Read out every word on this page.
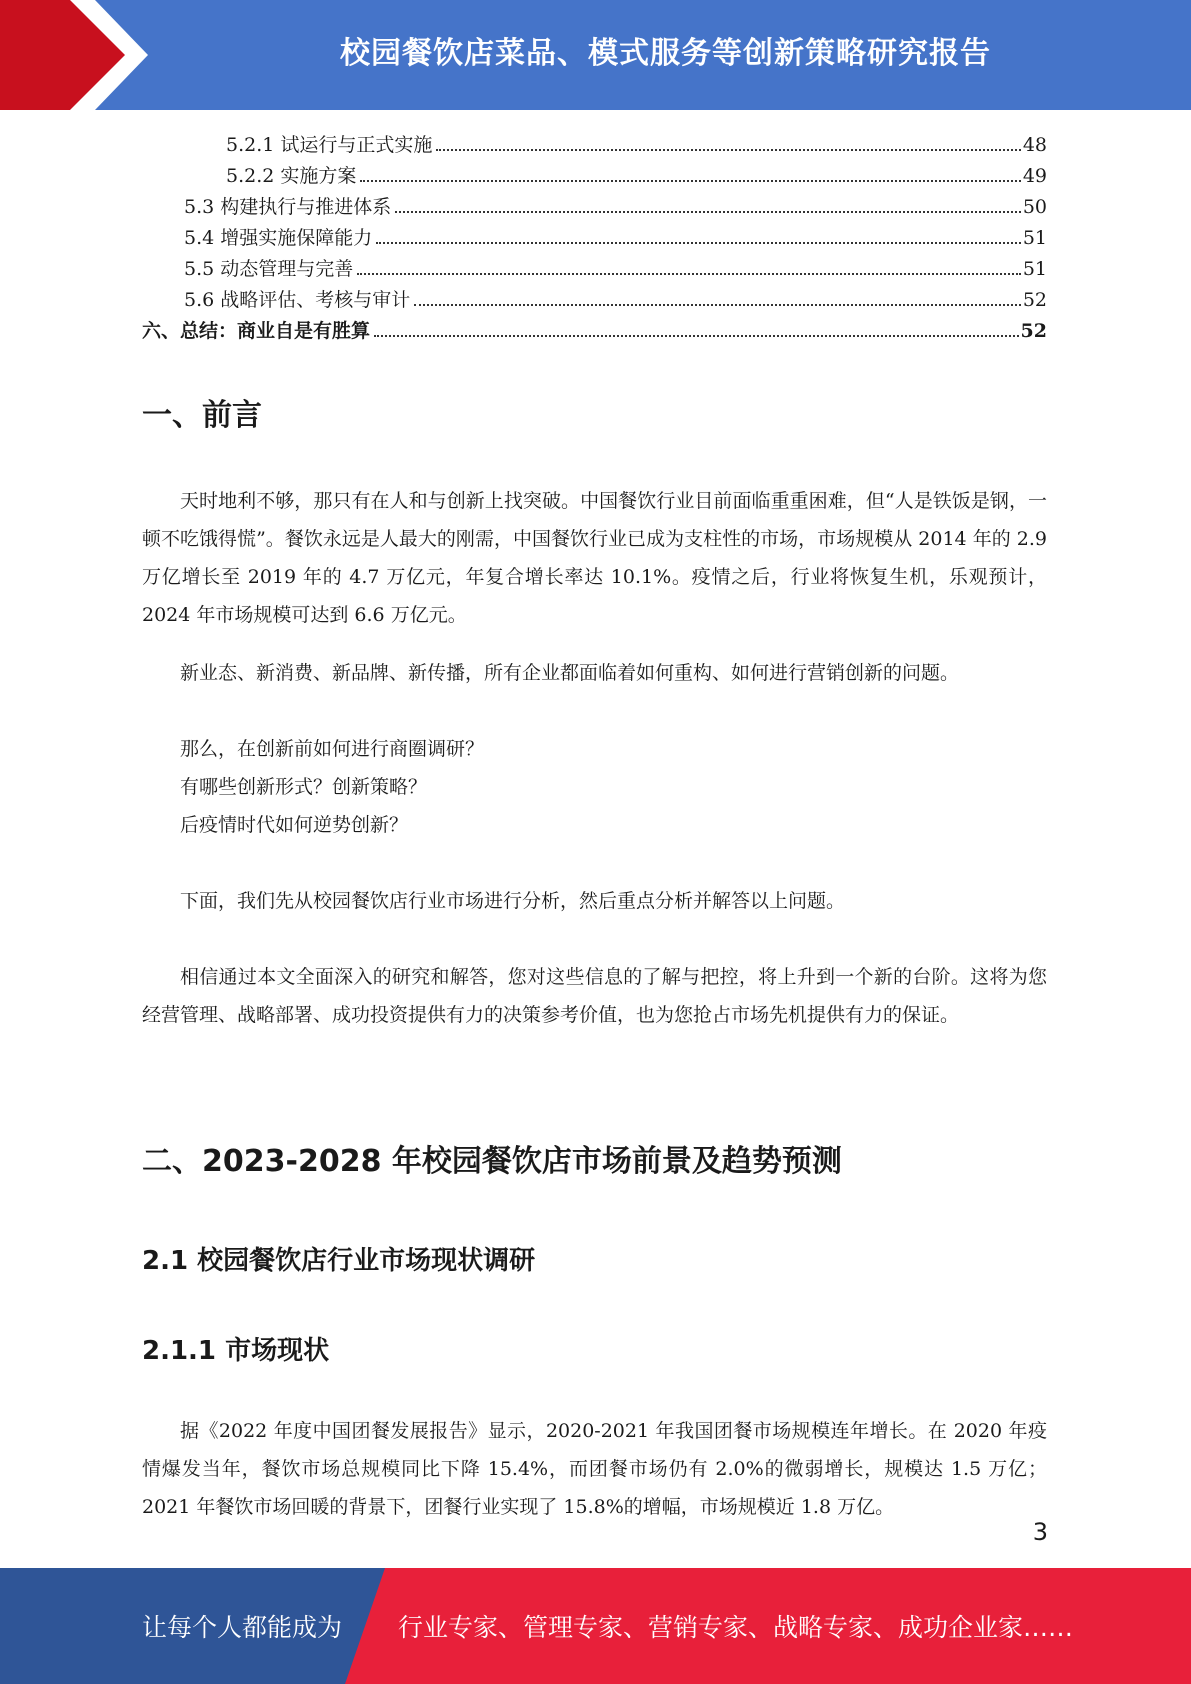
校园餐饮店菜品、模式服务等创新策略研究报告
5.2.1 试运行与正式实施	48
5.2.2 实施方案	49
5.3 构建执行与推进体系	50
5.4 增强实施保障能力	51
5.5 动态管理与完善	51
5.6 战略评估、考核与审计	52
六、总结：商业自是有胜算	52
一、前言

天时地利不够，那只有在人和与创新上找突破。中国餐饮行业目前面临重重困难，但“人是铁饭是钢，一顿不吃饿得慌”。餐饮永远是人最大的刚需，中国餐饮行业已成为支柱性的市场，市场规模从 2014 年的 2.9 万亿增长至 2019 年的 4.7 万亿元，年复合增长率达 10.1%。疫情之后，行业将恢复生机，乐观预计，2024 年市场规模可达到 6.6 万亿元。

新业态、新消费、新品牌、新传播，所有企业都面临着如何重构、如何进行营销创新的问题。

那么，在创新前如何进行商圈调研？

有哪些创新形式？创新策略？

后疫情时代如何逆势创新？

下面，我们先从校园餐饮店行业市场进行分析，然后重点分析并解答以上问题。

相信通过本文全面深入的研究和解答，您对这些信息的了解与把控，将上升到一个新的台阶。这将为您经营管理、战略部署、成功投资提供有力的决策参考价值，也为您抢占市场先机提供有力的保证。

二、2023-2028 年校园餐饮店市场前景及趋势预测
2.1 校园餐饮店行业市场现状调研
2.1.1 市场现状

据《2022 年度中国团餐发展报告》显示，2020-2021 年我国团餐市场规模连年增长。在 2020 年疫情爆发当年，餐饮市场总规模同比下降 15.4%，而团餐市场仍有 2.0%的微弱增长，规模达 1.5 万亿；2021 年餐饮市场回暖的背景下，团餐行业实现了 15.8%的增幅，市场规模近 1.8 万亿。

3
让每个人都能成为 行业专家、管理专家、营销专家、战略专家、成功企业家……
